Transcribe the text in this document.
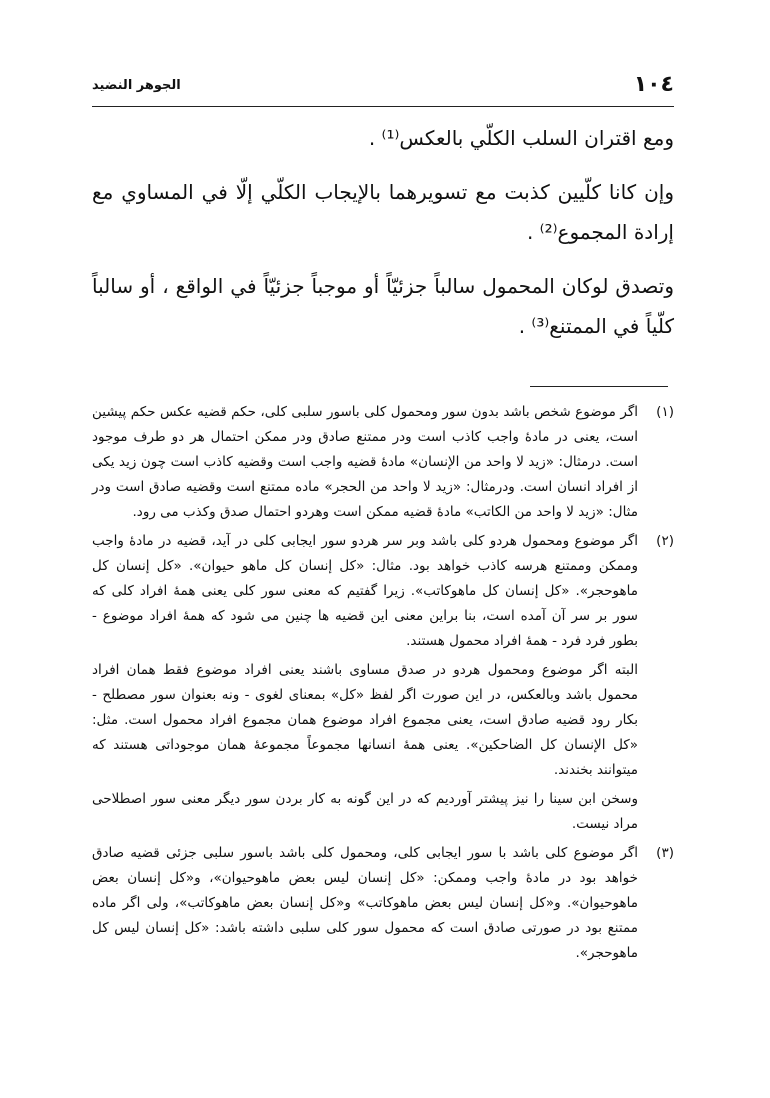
١٠٤
الجوهر النضيد

ومع اقتران السلب الكلّي بالعكس⁽¹⁾ .

وإن كانا كلّيين كذبت مع تسويرهما بالإيجاب الكلّي إلّا في المساوي مع إرادة المجموع⁽²⁾ .

وتصدق لوكان المحمول سالباً جزئيّاً أو موجباً جزئيّاً في الواقع ، أو سالباً كلّياً في الممتنع⁽³⁾ .

(١)
اگر موضوع شخص باشد بدون سور ومحمول كلى باسور سلبى كلى، حكم قضيه عكس حكم پيشين است، يعنى در مادهٔ واجب كاذب است ودر ممتنع صادق ودر ممكن احتمال هر دو طرف موجود است. درمثال: «زيد لا واحد من الإنسان» مادهٔ قضيه واجب است وقضيه كاذب است چون زيد يكى از افراد انسان است. ودرمثال: «زيد لا واحد من الحجر» ماده ممتنع است وقضيه صادق است ودر مثال: «زيد لا واحد من الكاتب» مادهٔ قضيه ممكن است وهردو احتمال صدق وكذب مى رود.
(٢)
اگر موضوع ومحمول هردو كلى باشد وبر سر هردو سور ايجابى كلى در آيد، قضيه در مادهٔ واجب وممكن وممتنع هرسه كاذب خواهد بود. مثال: «كل إنسان كل ماهو حيوان». «كل إنسان كل ماهوحجر». «كل إنسان كل ماهوكاتب». زيرا گفتيم كه معنى سور كلى يعنى همهٔ افراد كلى كه سور بر سر آن آمده است، بنا براين معنى اين قضيه ها چنين مى شود كه همهٔ افراد موضوع - بطور فرد فرد - همهٔ افراد محمول هستند.
البته اگر موضوع ومحمول هردو در صدق مساوى باشند يعنى افراد موضوع فقط همان افراد محمول باشد وبالعكس، در اين صورت اگر لفظ «كل» بمعناى لغوى - ونه بعنوان سور مصطلح - بكار رود قضيه صادق است، يعنى مجموع افراد موضوع همان مجموع افراد محمول است. مثل: «كل الإنسان كل الضاحكين». يعنى همهٔ انسانها مجموعاً مجموعهٔ همان موجوداتى هستند كه ميتوانند بخندند.
وسخن ابن سينا را نيز پيشتر آورديم كه در اين گونه به كار بردن سور ديگر معنى سور اصطلاحى مراد نيست.
(٣)
اگر موضوع كلى باشد با سور ايجابى كلى، ومحمول كلى باشد باسور سلبى جزئى قضيه صادق خواهد بود در مادهٔ واجب وممكن: «كل إنسان ليس بعض ماهوحيوان»، و«كل إنسان بعض ماهوحيوان». و«كل إنسان ليس بعض ماهوكاتب» و«كل إنسان بعض ماهوكاتب»، ولى اگر ماده ممتنع بود در صورتى صادق است كه محمول سور كلى سلبى داشته باشد: «كل إنسان ليس كل ماهوحجر».
